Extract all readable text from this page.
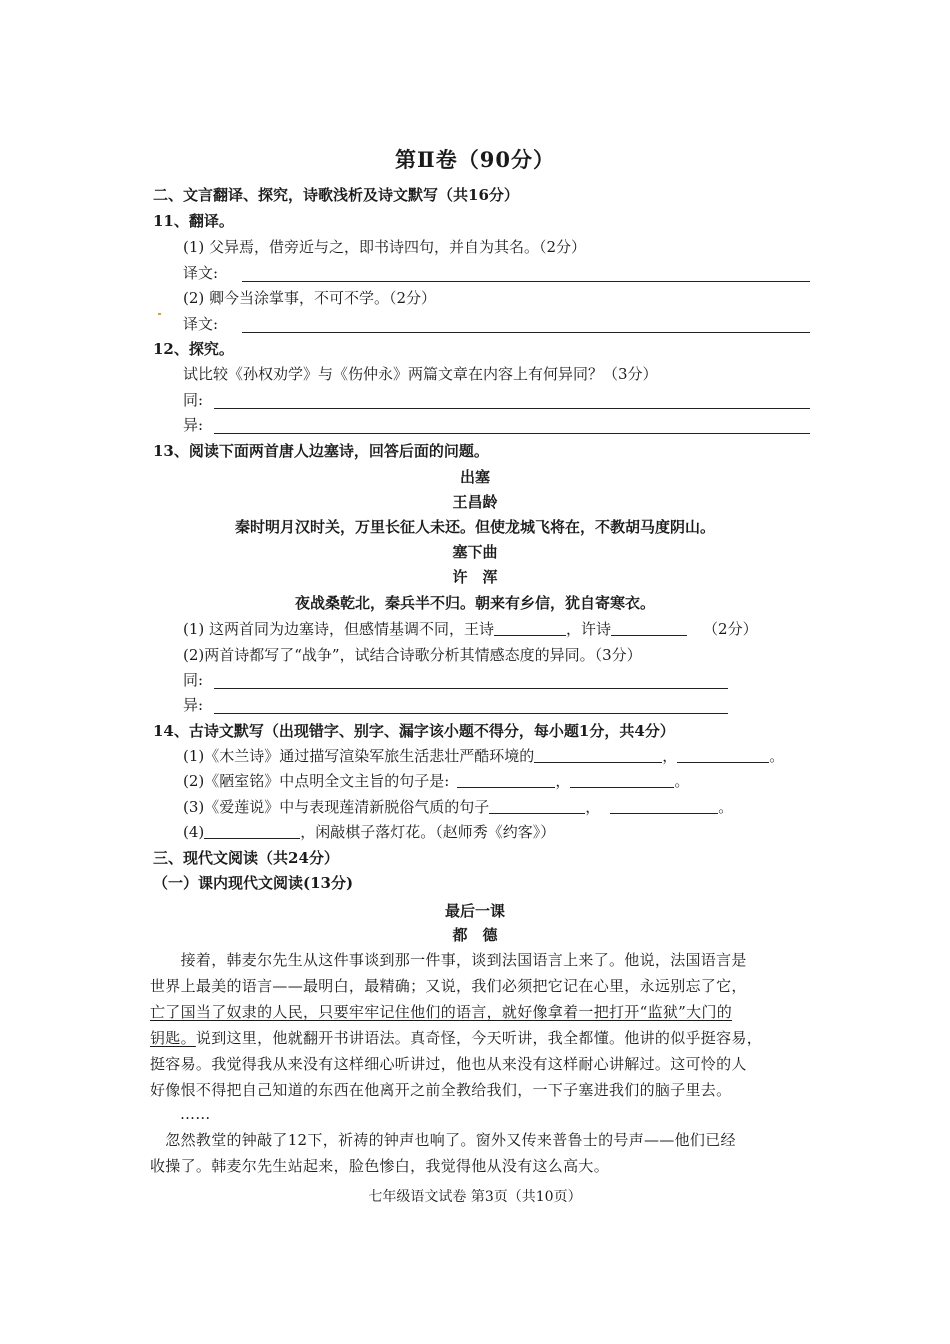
第Ⅱ卷（90分）
二、文言翻译、探究，诗歌浅析及诗文默写（共16分）
11、翻译。
(1) 父异焉，借旁近与之，即书诗四句，并自为其名。（2分）
译文:
(2) 卿今当涂掌事，不可不学。（2分）
译文:
12、探究。
试比较《孙权劝学》与《伤仲永》两篇文章在内容上有何异同？（3分）
同:
异:
13、阅读下面两首唐人边塞诗，回答后面的问题。
出塞
王昌龄
秦时明月汉时关，万里长征人未还。但使龙城飞将在，不教胡马度阴山。
塞下曲
许　浑
夜战桑乾北，秦兵半不归。朝来有乡信，犹自寄寒衣。
(1) 这两首同为边塞诗，但感情基调不同，王诗	，许诗	（2分）
(2)两首诗都写了“战争”，试结合诗歌分析其情感态度的异同。（3分）
同:
异:
14、古诗文默写（出现错字、别字、漏字该小题不得分，每小题1分，共4分）
(1)《木兰诗》通过描写渲染军旅生活悲壮严酷环境的	，	。
(2)《陋室铭》中点明全文主旨的句子是:	，	。
(3)《爱莲说》中与表现莲清新脱俗气质的句子	，	。
(4)	，闲敲棋子落灯花。（赵师秀《约客》）
三、现代文阅读（共24分）
（一）课内现代文阅读(13分)
最后一课
都　德
　　接着，韩麦尔先生从这件事谈到那一件事，谈到法国语言上来了。他说，法国语言是
世界上最美的语言——最明白，最精确；又说，我们必须把它记在心里，永远别忘了它，
亡了国当了奴隶的人民，只要牢牢记住他们的语言，就好像拿着一把打开“监狱”大门的
钥匙。说到这里，他就翻开书讲语法。真奇怪，今天听讲，我全都懂。他讲的似乎挺容易，
挺容易。我觉得我从来没有这样细心听讲过，他也从来没有这样耐心讲解过。这可怜的人
好像恨不得把自己知道的东西在他离开之前全教给我们，一下子塞进我们的脑子里去。
……
　忽然教堂的钟敲了12下，祈祷的钟声也响了。窗外又传来普鲁士的号声——他们已经
收操了。韩麦尔先生站起来，脸色惨白，我觉得他从没有这么高大。
七年级语文试卷 第3页（共10页）
